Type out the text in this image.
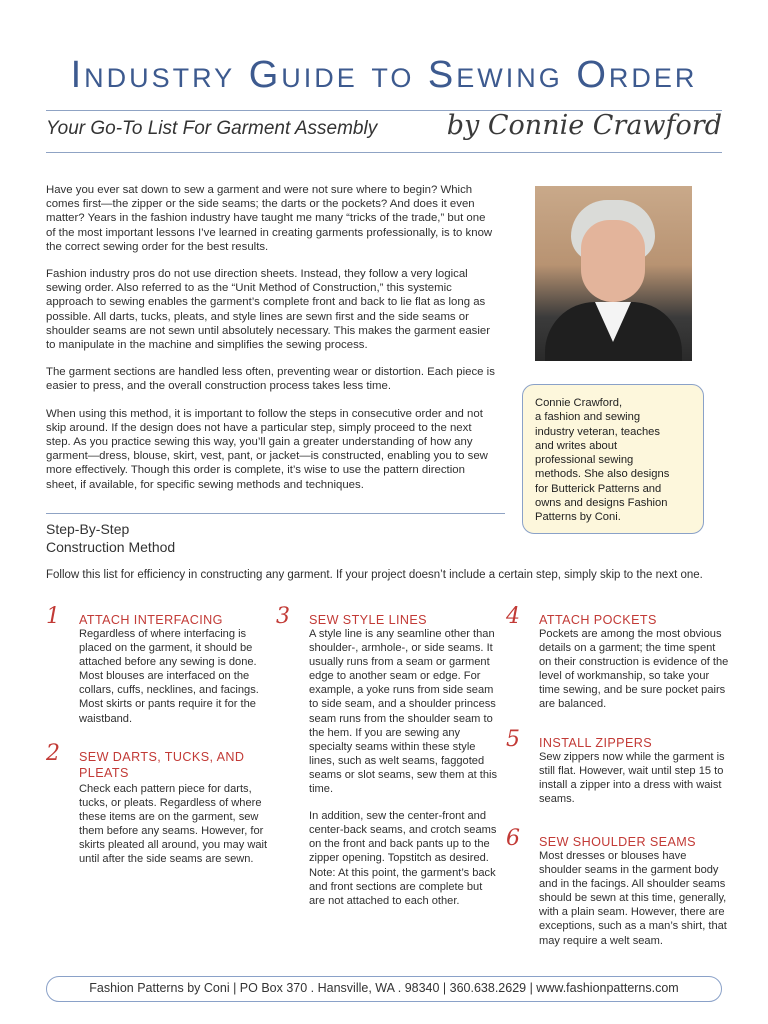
Industry Guide to Sewing Order
Your Go-To List For Garment Assembly	by Connie Crawford

Have you ever sat down to sew a garment and were not sure where to begin? Which comes first—the zipper or the side seams; the darts or the pockets? And does it even matter? Years in the fashion industry have taught me many “tricks of the trade,” but one of the most important lessons I’ve learned in creating garments professionally, is to know the correct sewing order for the best results.

Fashion industry pros do not use direction sheets. Instead, they follow a very logical sewing order. Also referred to as the “Unit Method of Construction,” this systemic approach to sewing enables the garment’s complete front and back to lie flat as long as possible. All darts, tucks, pleats, and style lines are sewn first and the side seams or shoulder seams are not sewn until absolutely necessary. This makes the garment easier to manipulate in the machine and simplifies the sewing process.

The garment sections are handled less often, preventing wear or distortion. Each piece is easier to press, and the overall construction process takes less time.

When using this method, it is important to follow the steps in consecutive order and not skip around. If the design does not have a particular step, simply proceed to the next step. As you practice sewing this way, you’ll gain a greater understanding of how any garment—dress, blouse, skirt, vest, pant, or jacket—is constructed, enabling you to sew more effectively. Though this order is complete, it’s wise to use the pattern direction sheet, if available, for specific sewing methods and techniques.

Connie Crawford,
a fashion and sewing
industry veteran, teaches
and writes about
professional sewing
methods. She also designs
for Butterick Patterns and
owns and designs Fashion
Patterns by Coni.
Step-By-Step
Construction Method
Follow this list for efficiency in constructing any garment. If your project doesn’t include a certain step, simply skip to the next one.
1 ATTACH INTERFACING

Regardless of where interfacing is placed on the garment, it should be attached before any sewing is done. Most blouses are interfaced on the collars, cuffs, necklines, and facings. Most skirts or pants require it for the waistband.

2 SEW DARTS, TUCKS, AND PLEATS

Check each pattern piece for darts, tucks, or pleats. Regardless of where these items are on the garment, sew them before any seams. However, for skirts pleated all around, you may wait until after the side seams are sewn.

3 SEW STYLE LINES

A style line is any seamline other than shoulder-, armhole-, or side seams. It usually runs from a seam or garment edge to another seam or edge. For example, a yoke runs from side seam to side seam, and a shoulder princess seam runs from the shoulder seam to the hem. If you are sewing any specialty seams within these style lines, such as welt seams, faggoted seams or slot seams, sew them at this time.

In addition, sew the center-front and center-back seams, and crotch seams on the front and back pants up to the zipper opening. Topstitch as desired. Note: At this point, the garment’s back and front sections are complete but are not attached to each other.

4 ATTACH POCKETS

Pockets are among the most obvious details on a garment; the time spent on their construction is evidence of the level of workmanship, so take your time sewing, and be sure pocket pairs are balanced.

5 INSTALL ZIPPERS

Sew zippers now while the garment is still flat. However, wait until step 15 to install a zipper into a dress with waist seams.

6 SEW SHOULDER SEAMS

Most dresses or blouses have shoulder seams in the garment body and in the facings. All shoulder seams should be sewn at this time, generally, with a plain seam. However, there are exceptions, such as a man’s shirt, that may require a welt seam.

Fashion Patterns by Coni | PO Box 370 . Hansville, WA . 98340 | 360.638.2629 | www.fashionpatterns.com
